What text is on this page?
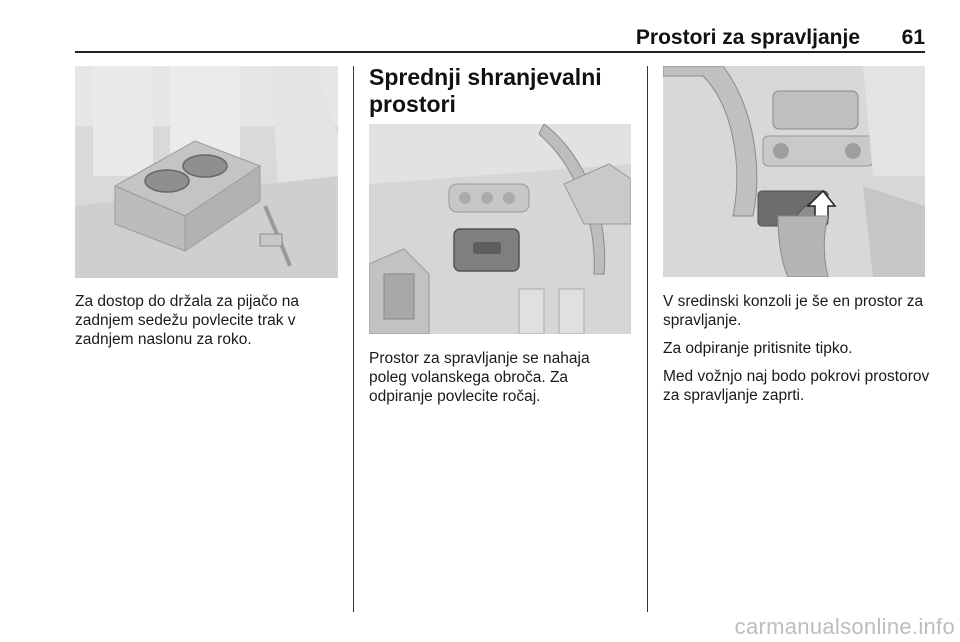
Prostori za spravljanje	61

Za dostop do držala za pijačo na zadnjem sedežu povlecite trak v zadnjem naslonu za roko.

Sprednji shranjevalni prostori

Prostor za spravljanje se nahaja poleg volanskega obroča. Za odpiranje povlecite ročaj.

V sredinski konzoli je še en prostor za spravljanje.

Za odpiranje pritisnite tipko.

Med vožnjo naj bodo pokrovi prostorov za spravljanje zaprti.

carmanualsonline.info
